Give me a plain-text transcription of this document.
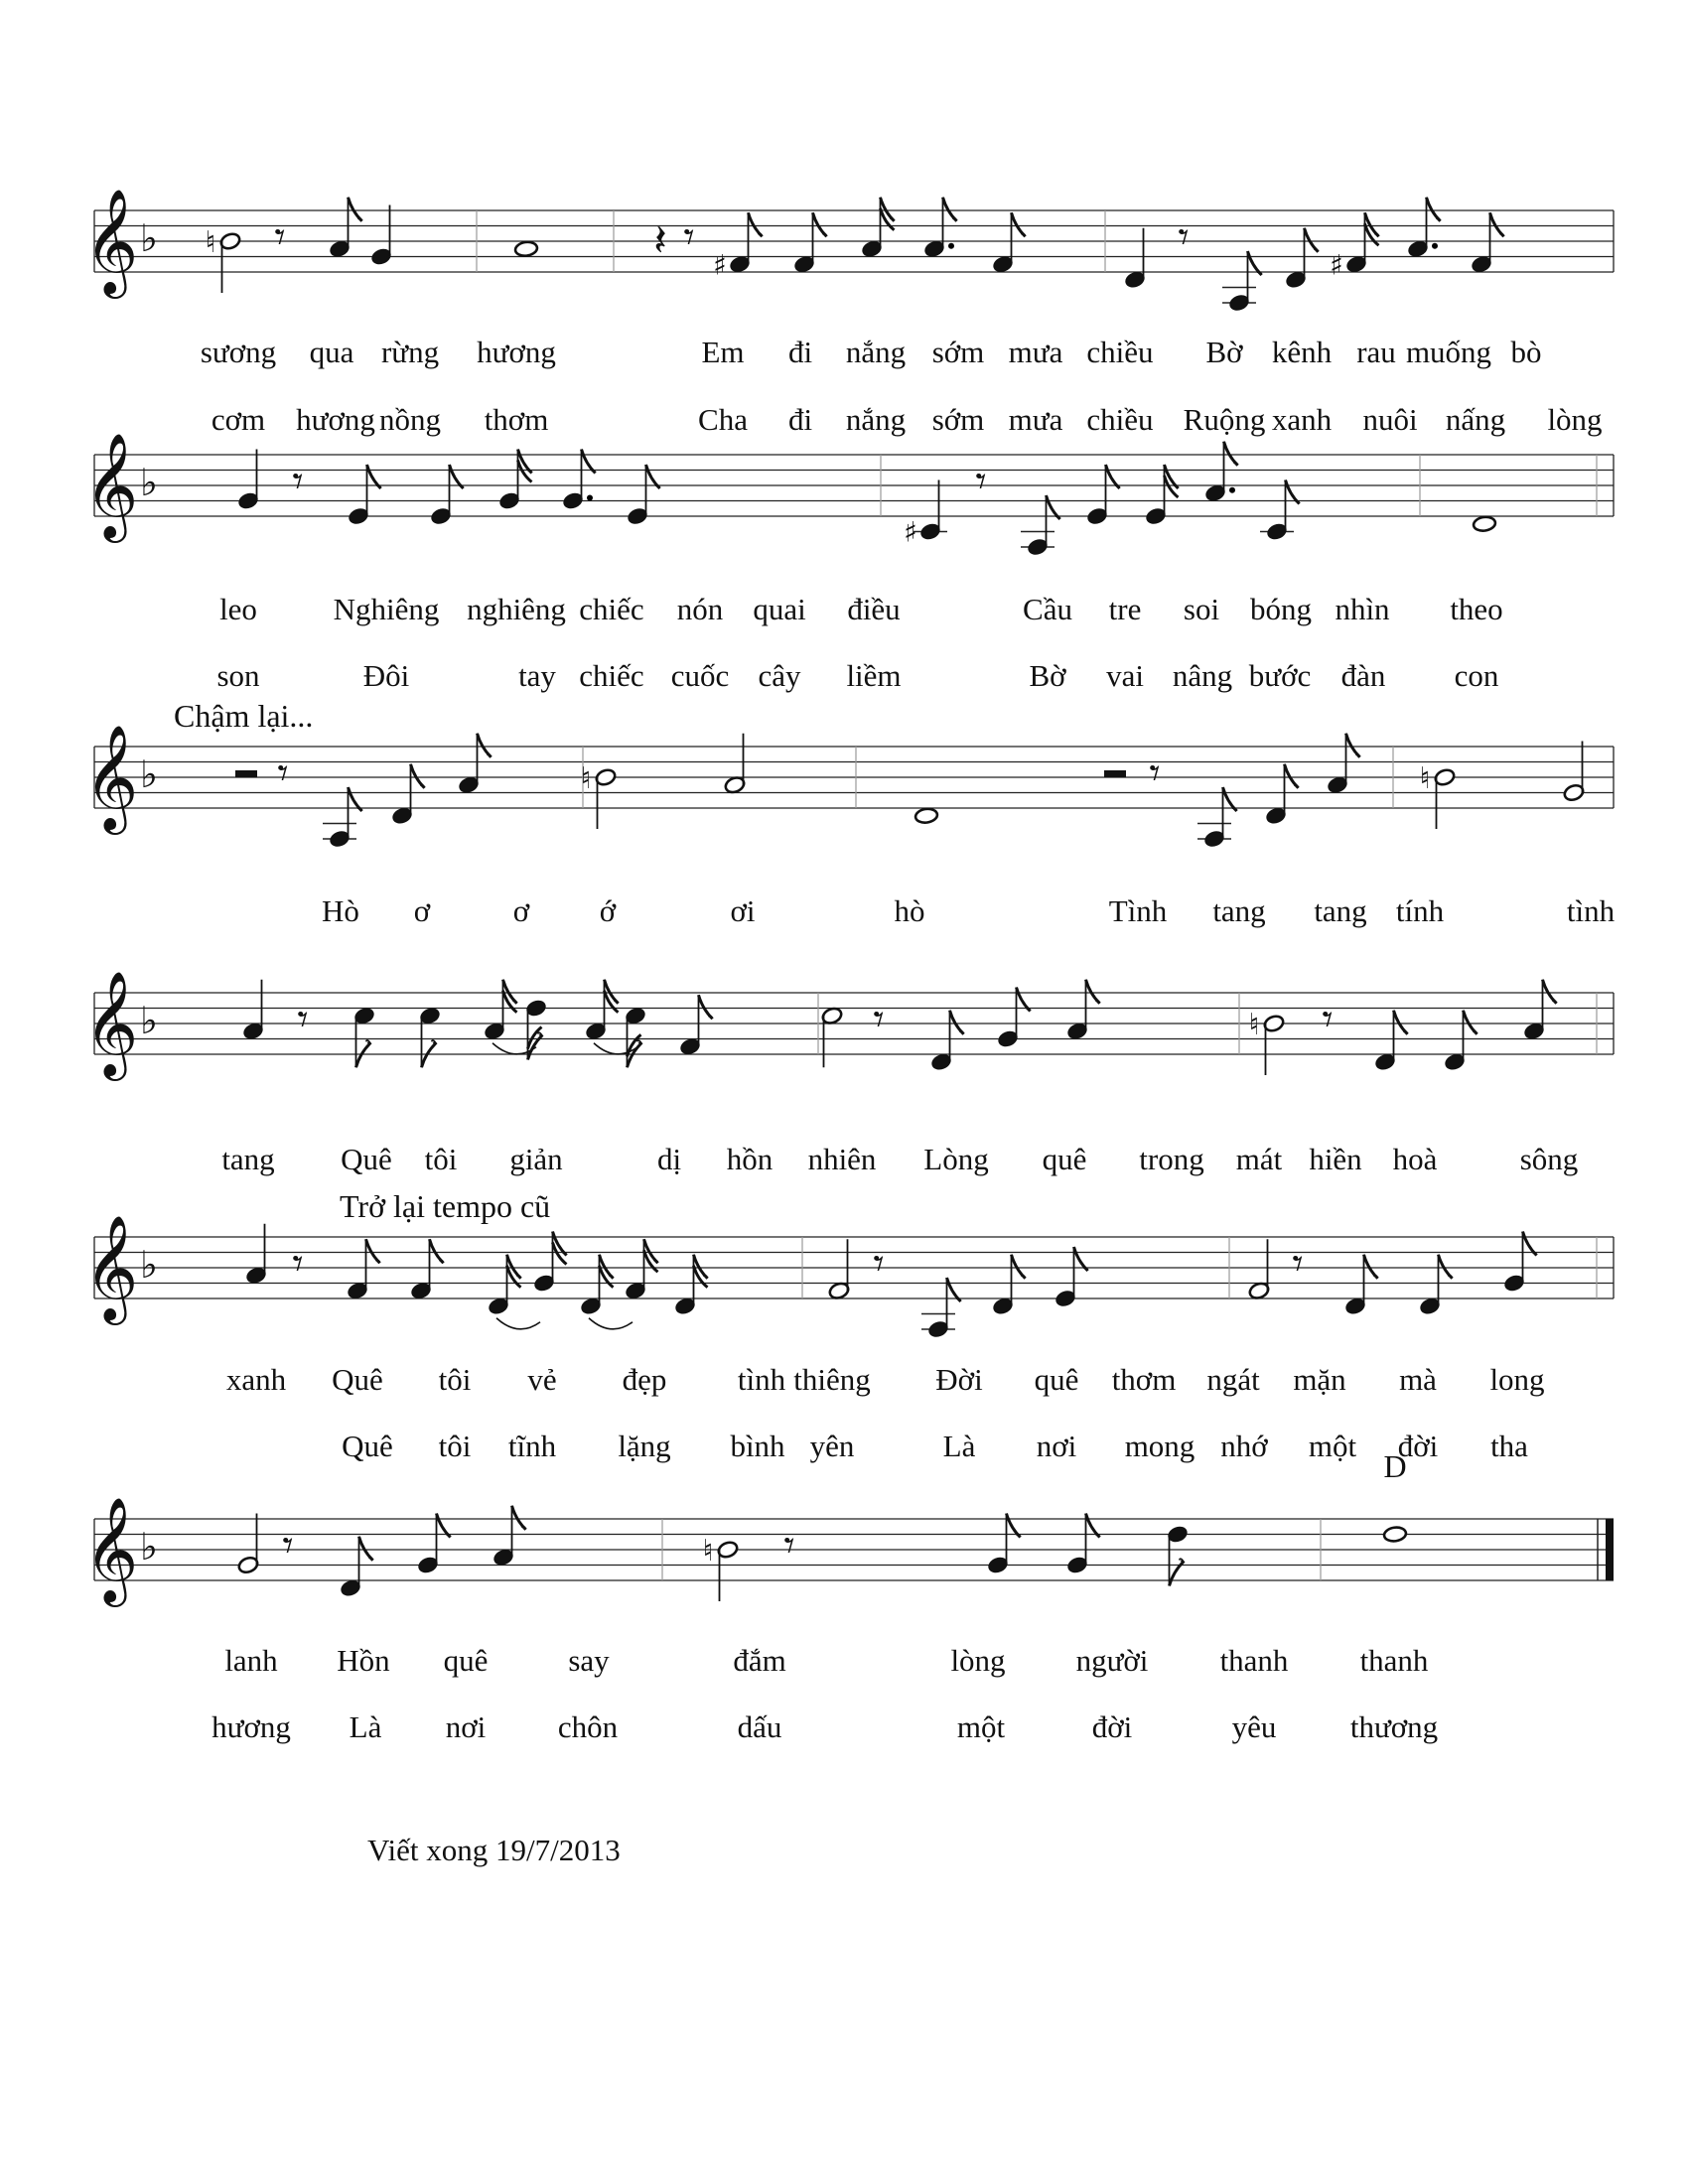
𝄞 ♭ ♮ 𝄾	𝄽 𝄾
♯
𝄾
♯
sương qua rừng hương	Em đi nắng sớm mưa chiều Bờ kênh rau muống bò
cơm hương nồng thơm	Cha đi nắng sớm mưa chiều Ruộng xanh nuôi nấng lòng
𝄞 ♭	𝄾
♯
𝄾
leo Nghiêng nghiêng chiếc nón quai điều	Cầu tre soi bóng nhìn theo
son	Đôi	tay chiếc cuốc cây liềm	Bờ vai nâng bước đàn con
𝄞 ♭	𝄾	♮	𝄾	♮
Chậm lại...
Hò ơ	ơ ớ	ơi	hò	Tình tang tang tính	tình
𝄞 ♭	𝄾	𝄾	♮ 𝄾
tang Quê tôi giản	dị hồn nhiên Lòng quê trong mát hiền hoà	sông
𝄞 ♭	𝄾	𝄾	𝄾
Trở lại tempo cũ
xanh Quê tôi vẻ đẹp tình thiêng Đời quê thơm ngát mặn mà long
Quê tôi tĩnh lặng bình yên	Là nơi mong nhớ một đời tha
𝄞 ♭	𝄾	♮ 𝄾
D
lanh Hồn quê	say	đắm	lòng người thanh thanh
hương Là nơi chôn	dấu	một	đời	yêu thương
Viết xong 19/7/2013
